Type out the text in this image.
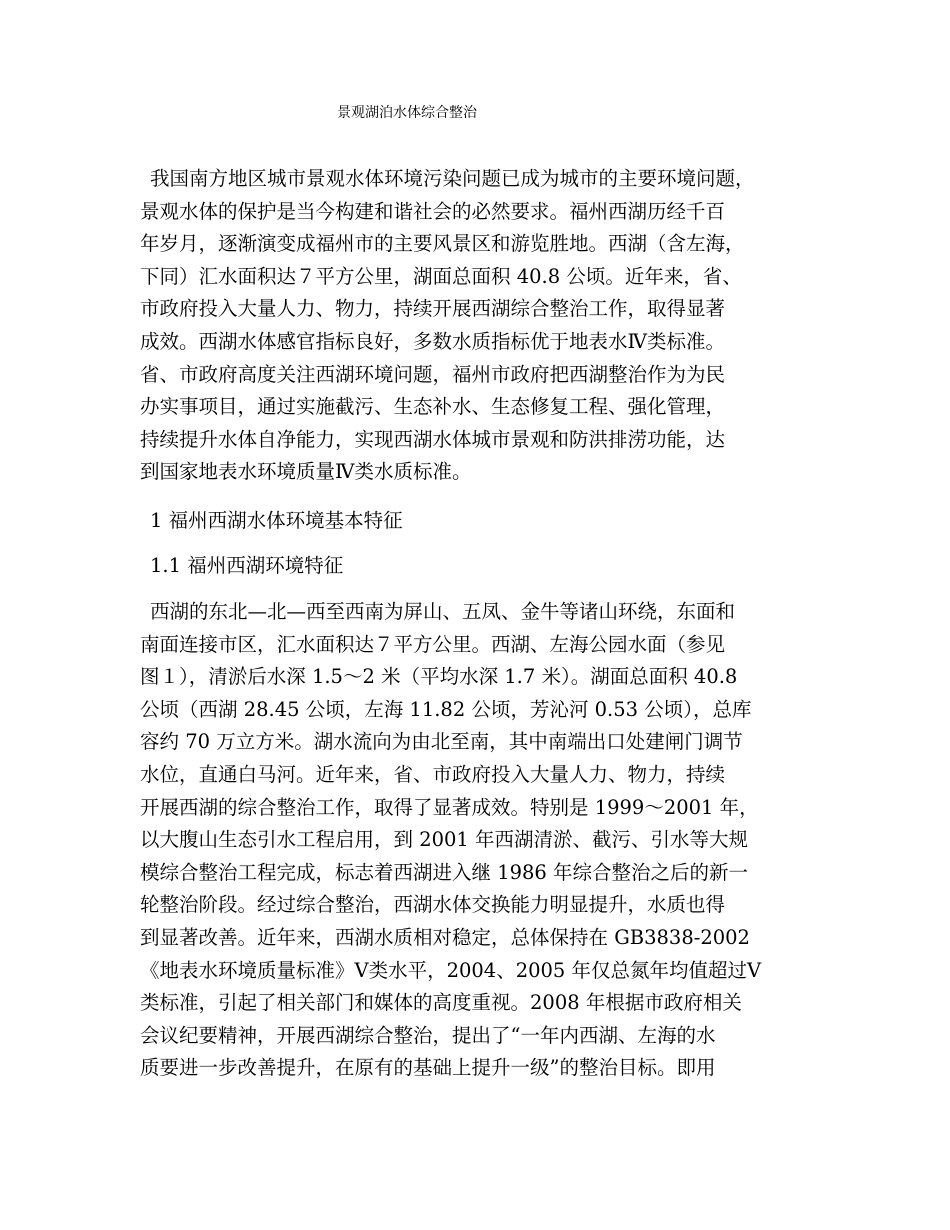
景观湖泊水体综合整治
我国南方地区城市景观水体环境污染问题已成为城市的主要环境问题，
景观水体的保护是当今构建和谐社会的必然要求。福州西湖历经千百
年岁月，逐渐演变成福州市的主要风景区和游览胜地。西湖（含左海，
下同）汇水面积达７平方公里，湖面总面积 40.8 公顷。近年来，省、
市政府投入大量人力、物力，持续开展西湖综合整治工作，取得显著
成效。西湖水体感官指标良好，多数水质指标优于地表水Ⅳ类标准。
省、市政府高度关注西湖环境问题，福州市政府把西湖整治作为为民
办实事项目，通过实施截污、生态补水、生态修复工程、强化管理，
持续提升水体自净能力，实现西湖水体城市景观和防洪排涝功能，达
到国家地表水环境质量Ⅳ类水质标准。
1 福州西湖水体环境基本特征
1.1 福州西湖环境特征
西湖的东北—北—西至西南为屏山、五凤、金牛等诸山环绕，东面和
南面连接市区，汇水面积达７平方公里。西湖、左海公园水面（参见
图１），清淤后水深 1.5～2 米（平均水深 1.7 米）。湖面总面积 40.8
公顷（西湖 28.45 公顷，左海 11.82 公顷，芳沁河 0.53 公顷），总库
容约 70 万立方米。湖水流向为由北至南，其中南端出口处建闸门调节
水位，直通白马河。近年来，省、市政府投入大量人力、物力，持续
开展西湖的综合整治工作，取得了显著成效。特别是 1999～2001 年，
以大腹山生态引水工程启用，到 2001 年西湖清淤、截污、引水等大规
模综合整治工程完成，标志着西湖进入继 1986 年综合整治之后的新一
轮整治阶段。经过综合整治，西湖水体交换能力明显提升，水质也得
到显著改善。近年来，西湖水质相对稳定，总体保持在 GB3838-2002
《地表水环境质量标准》Ⅴ类水平，2004、2005 年仅总氮年均值超过Ⅴ
类标准，引起了相关部门和媒体的高度重视。2008 年根据市政府相关
会议纪要精神，开展西湖综合整治，提出了“一年内西湖、左海的水
质要进一步改善提升，在原有的基础上提升一级”的整治目标。即用
